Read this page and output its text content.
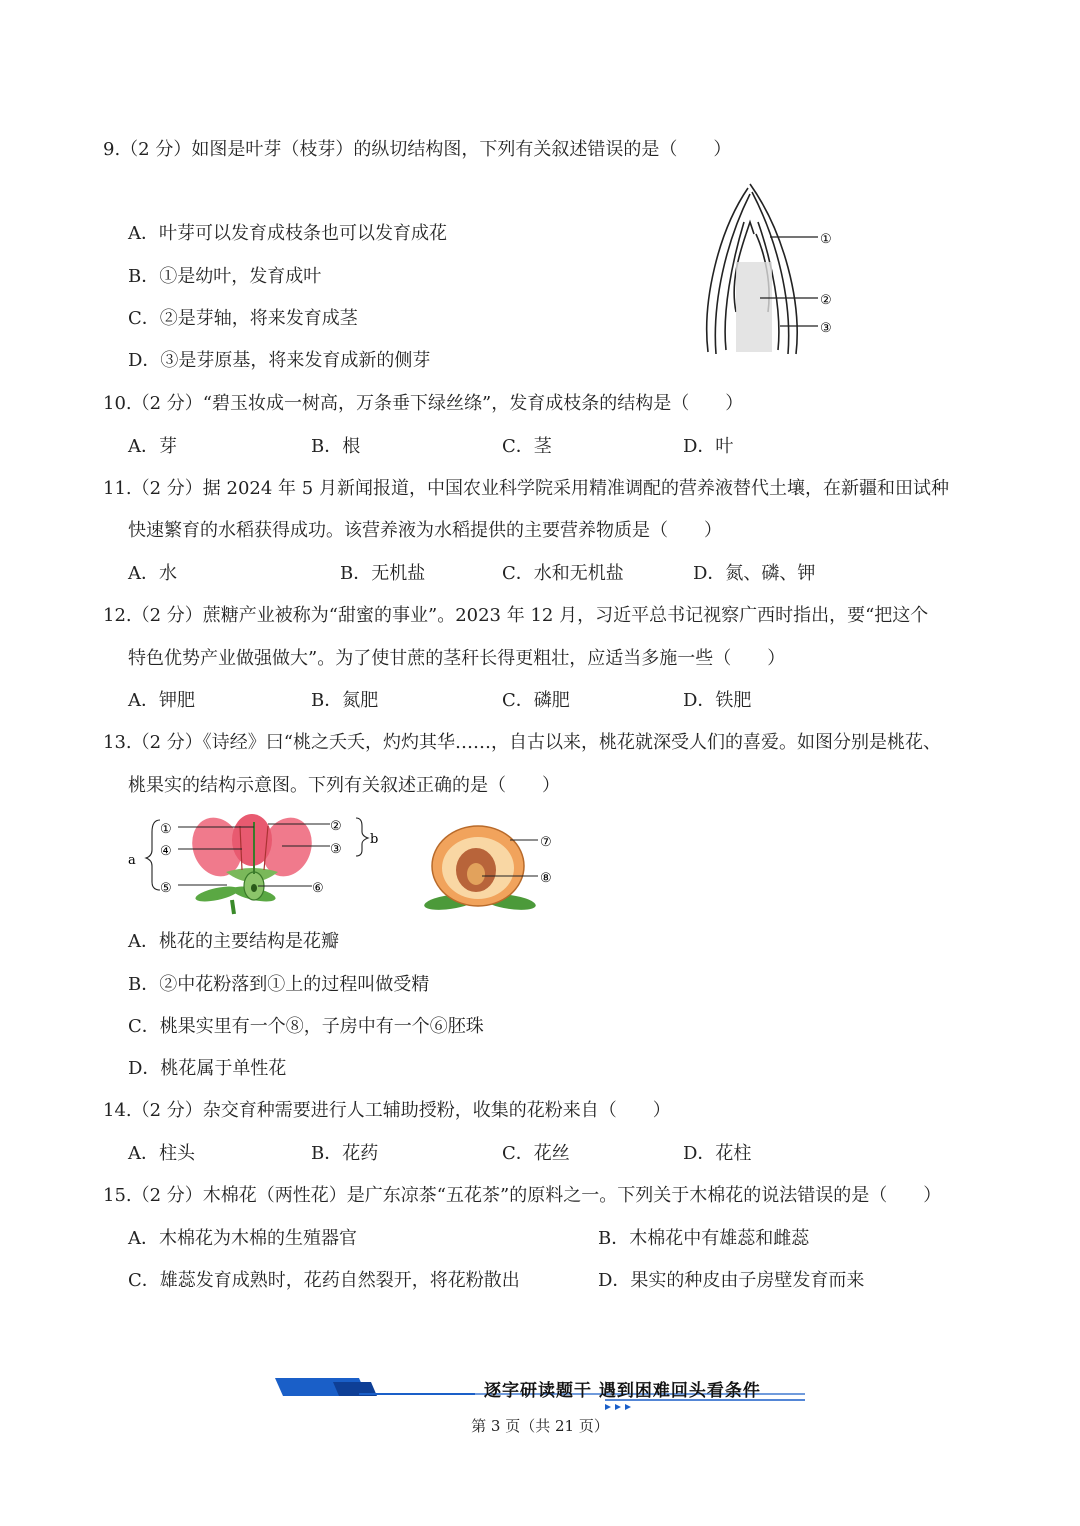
9.（2 分）如图是叶芽（枝芽）的纵切结构图，下列有关叙述错误的是（　　）
A．叶芽可以发育成枝条也可以发育成花
B．①是幼叶，发育成叶
C．②是芽轴，将来发育成茎
D．③是芽原基，将来发育成新的侧芽
①
②
③
10.（2 分）“碧玉妆成一树高，万条垂下绿丝绦”，发育成枝条的结构是（　　）
A．芽	B．根	C．茎	D．叶
11.（2 分）据 2024 年 5 月新闻报道，中国农业科学院采用精准调配的营养液替代土壤，在新疆和田试种
快速繁育的水稻获得成功。该营养液为水稻提供的主要营养物质是（　　）
A．水	B．无机盐	C．水和无机盐	D．氮、磷、钾
12.（2 分）蔗糖产业被称为“甜蜜的事业”。2023 年 12 月，习近平总书记视察广西时指出，要“把这个
特色优势产业做强做大”。为了使甘蔗的茎秆长得更粗壮，应适当多施一些（　　）
A．钾肥	B．氮肥	C．磷肥	D．铁肥
13.（2 分）《诗经》曰“桃之夭夭，灼灼其华……，自古以来，桃花就深受人们的喜爱。如图分别是桃花、
桃果实的结构示意图。下列有关叙述正确的是（　　）
①
④
⑤
②
③
⑥
a
b	⑦
⑧
A．桃花的主要结构是花瓣
B．②中花粉落到①上的过程叫做受精
C．桃果实里有一个⑧，子房中有一个⑥胚珠
D．桃花属于单性花
14.（2 分）杂交育种需要进行人工辅助授粉，收集的花粉来自（　　）
A．柱头	B．花药	C．花丝	D．花柱
15.（2 分）木棉花（两性花）是广东凉茶“五花茶”的原料之一。下列关于木棉花的说法错误的是（　　）
A．木棉花为木棉的生殖器官	B．木棉花中有雄蕊和雌蕊
C．雄蕊发育成熟时，花药自然裂开，将花粉散出	D．果实的种皮由子房壁发育而来
逐字研读题干 遇到困难回头看条件
第 3 页（共 21 页）
